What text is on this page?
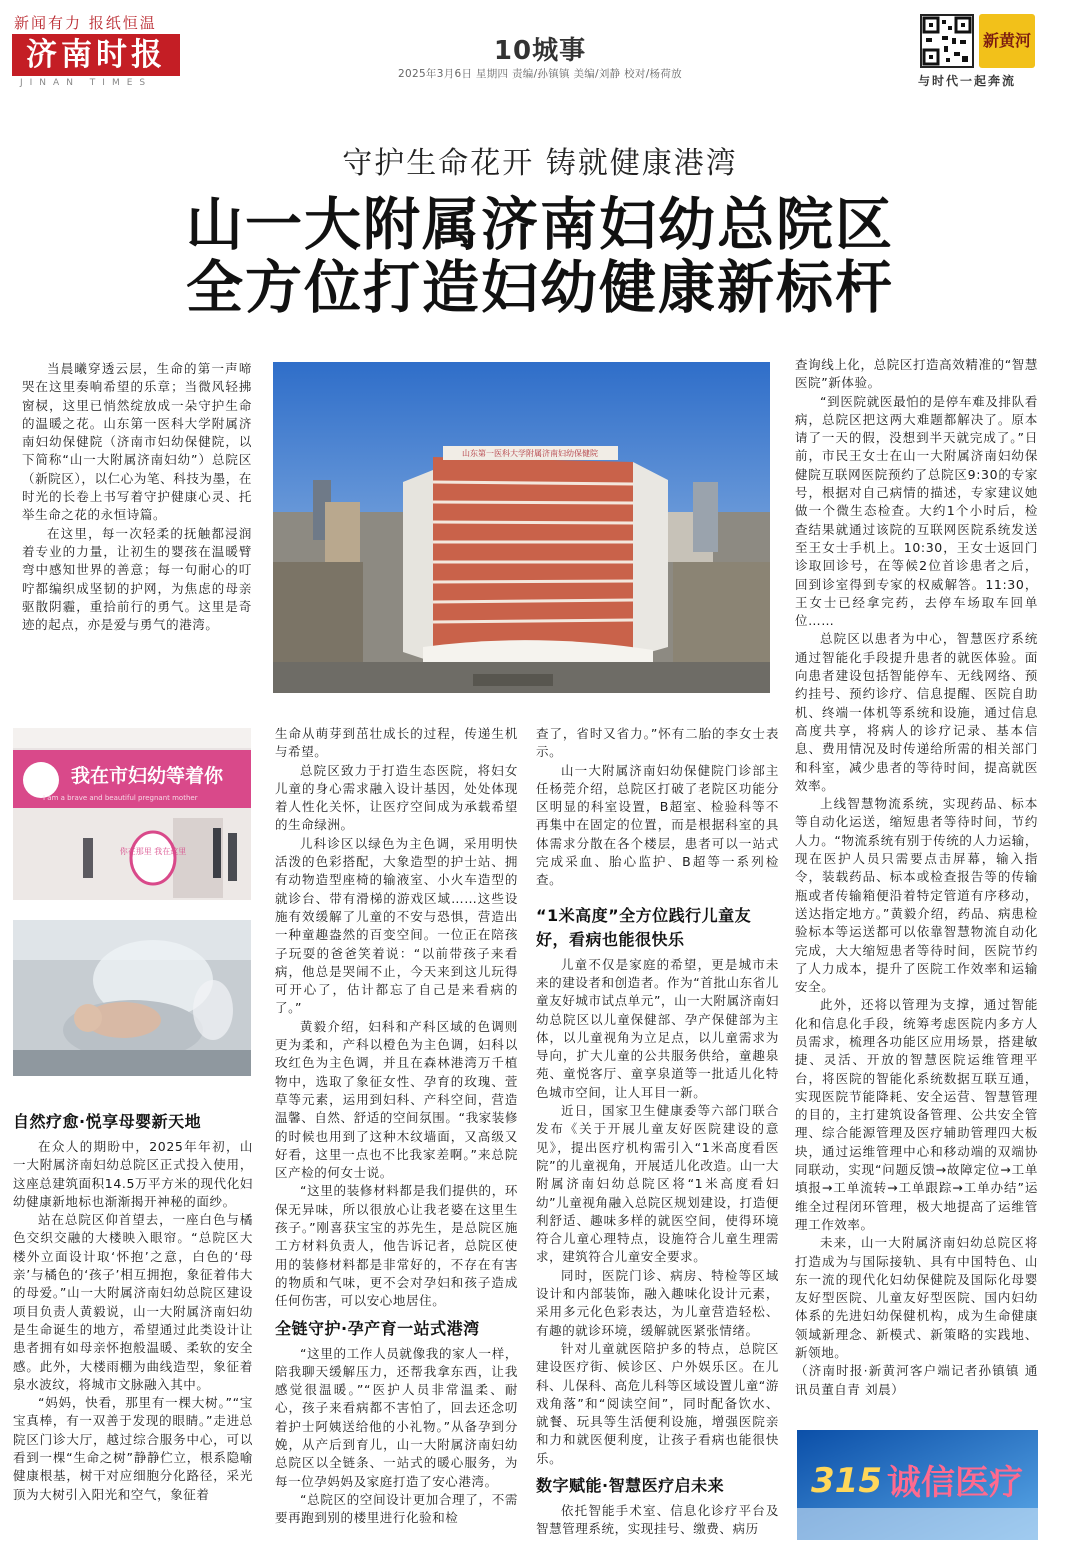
新闻有力 报纸恒温
济南时报
JINAN TIMES
10城事
2025年3月6日 星期四 责编/孙镇镇 美编/刘静 校对/杨荷放
新黄河
与时代一起奔流
守护生命花开 铸就健康港湾
山一大附属济南妇幼总院区
全方位打造妇幼健康新标杆

当晨曦穿透云层，生命的第一声啼哭在这里奏响希望的乐章；当微风轻拂窗棂，这里已悄然绽放成一朵守护生命的温暖之花。山东第一医科大学附属济南妇幼保健院（济南市妇幼保健院，以下简称“山一大附属济南妇幼”）总院区（新院区），以仁心为笔、科技为墨，在时光的长卷上书写着守护健康心灵、托举生命之花的永恒诗篇。

在这里，每一次轻柔的抚触都浸润着专业的力量，让初生的婴孩在温暖臂弯中感知世界的善意；每一句耐心的叮咛都编织成坚韧的护网，为焦虑的母亲驱散阴霾，重拾前行的勇气。这里是奇迹的起点，亦是爱与勇气的港湾。

山东第一医科大学附属济南妇幼保健院
我在市妇幼等着你
I am a brave and beautiful pregnant mother
你在那里 我在这里
自然疗愈·悦享母婴新天地

在众人的期盼中，2025年年初，山一大附属济南妇幼总院区正式投入使用，这座总建筑面积14.5万平方米的现代化妇幼健康新地标也渐渐揭开神秘的面纱。

站在总院区仰首望去，一座白色与橘色交织交融的大楼映入眼帘。“总院区大楼外立面设计取‘怀抱’之意，白色的‘母亲’与橘色的‘孩子’相互拥抱，象征着伟大的母爱。”山一大附属济南妇幼总院区建设项目负责人黄毅说，山一大附属济南妇幼是生命诞生的地方，希望通过此类设计让患者拥有如母亲怀抱般温暖、柔软的安全感。此外，大楼雨棚为曲线造型，象征着泉水波纹，将城市文脉融入其中。

“妈妈，快看，那里有一棵大树。”“宝宝真棒，有一双善于发现的眼睛。”走进总院区门诊大厅，越过综合服务中心，可以看到一棵“生命之树”静静伫立，根系隐喻健康根基，树干对应细胞分化路径，采光顶为大树引入阳光和空气，象征着

生命从萌芽到茁壮成长的过程，传递生机与希望。

总院区致力于打造生态医院，将妇女儿童的身心需求融入设计基因，处处体现着人性化关怀，让医疗空间成为承载希望的生命绿洲。

儿科诊区以绿色为主色调，采用明快活泼的色彩搭配，大象造型的护士站、拥有动物造型座椅的输液室、小火车造型的就诊台、带有滑梯的游戏区域……这些设施有效缓解了儿童的不安与恐惧，营造出一种童趣盎然的百变空间。一位正在陪孩子玩耍的爸爸笑着说：“以前带孩子来看病，他总是哭闹不止，今天来到这儿玩得可开心了，估计都忘了自己是来看病的了。”

黄毅介绍，妇科和产科区域的色调则更为柔和，产科以橙色为主色调，妇科以玫红色为主色调，并且在森林港湾万千植物中，选取了象征女性、孕育的玫瑰、萱草等元素，运用到妇科、产科空间，营造温馨、自然、舒适的空间氛围。“我家装修的时候也用到了这种木纹墙面，又高级又好看，这里一点也不比我家差啊。”来总院区产检的何女士说。

“这里的装修材料都是我们提供的，环保无异味，所以很放心让我老婆在这里生孩子。”刚喜获宝宝的苏先生，是总院区施工方材料负责人，他告诉记者，总院区使用的装修材料都是非常好的，不存在有害的物质和气味，更不会对孕妇和孩子造成任何伤害，可以安心地居住。

全链守护·孕产育一站式港湾

“这里的工作人员就像我的家人一样，陪我聊天缓解压力，还帮我拿东西，让我感觉很温暖。”“医护人员非常温柔、耐心，孩子来看病都不害怕了，回去还念叨着护士阿姨送给他的小礼物。”从备孕到分娩，从产后到育儿，山一大附属济南妇幼总院区以全链条、一站式的暖心服务，为每一位孕妈妈及家庭打造了安心港湾。

“总院区的空间设计更加合理了，不需要再跑到别的楼里进行化验和检

查了，省时又省力。”怀有二胎的李女士表示。

山一大附属济南妇幼保健院门诊部主任杨莞介绍，总院区打破了老院区功能分区明显的科室设置，B超室、检验科等不再集中在固定的位置，而是根据科室的具体需求分散在各个楼层，患者可以一站式完成采血、胎心监护、B超等一系列检查。

“1米高度”全方位践行儿童友好，看病也能很快乐

儿童不仅是家庭的希望，更是城市未来的建设者和创造者。作为“首批山东省儿童友好城市试点单元”，山一大附属济南妇幼总院区以儿童保健部、孕产保健部为主体，以儿童视角为立足点，以儿童需求为导向，扩大儿童的公共服务供给，童趣泉苑、童悦客厅、童享泉道等一批适儿化特色城市空间，让人耳目一新。

近日，国家卫生健康委等六部门联合发布《关于开展儿童友好医院建设的意见》，提出医疗机构需引入“1米高度看医院”的儿童视角，开展适儿化改造。山一大附属济南妇幼总院区将“1米高度看妇幼”儿童视角融入总院区规划建设，打造便利舒适、趣味多样的就医空间，使得环境符合儿童心理特点，设施符合儿童生理需求，建筑符合儿童安全要求。

同时，医院门诊、病房、特检等区域设计和内部装饰，融入趣味化设计元素，采用多元化色彩表达，为儿童营造轻松、有趣的就诊环境，缓解就医紧张情绪。

针对儿童就医陪护多的特点，总院区建设医疗街、候诊区、户外娱乐区。在儿科、儿保科、高危儿科等区域设置儿童“游戏角落”和“阅读空间”，同时配备饮水、就餐、玩具等生活便利设施，增强医院亲和力和就医便利度，让孩子看病也能很快乐。

数字赋能·智慧医疗启未来

依托智能手术室、信息化诊疗平台及智慧管理系统，实现挂号、缴费、病历

查询线上化，总院区打造高效精准的“智慧医院”新体验。

“到医院就医最怕的是停车难及排队看病，总院区把这两大难题都解决了。原本请了一天的假，没想到半天就完成了。”日前，市民王女士在山一大附属济南妇幼保健院互联网医院预约了总院区9:30的专家号，根据对自己病情的描述，专家建议她做一个微生态检查。大约1个小时后，检查结果就通过该院的互联网医院系统发送至王女士手机上。10:30，王女士返回门诊取回诊号，在等候2位首诊患者之后，回到诊室得到专家的权威解答。11:30，王女士已经拿完药，去停车场取车回单位……

总院区以患者为中心，智慧医疗系统通过智能化手段提升患者的就医体验。面向患者建设包括智能停车、无线网络、预约挂号、预约诊疗、信息提醒、医院自助机、终端一体机等系统和设施，通过信息高度共享，将病人的诊疗记录、基本信息、费用情况及时传递给所需的相关部门和科室，减少患者的等待时间，提高就医效率。

上线智慧物流系统，实现药品、标本等自动化运送，缩短患者等待时间，节约人力。“物流系统有别于传统的人力运输，现在医护人员只需要点击屏幕，输入指令，装载药品、标本或检查报告等的传输瓶或者传输箱便沿着特定管道有序移动，送达指定地方。”黄毅介绍，药品、病患检验标本等运送都可以依靠智慧物流自动化完成，大大缩短患者等待时间，医院节约了人力成本，提升了医院工作效率和运输安全。

此外，还将以管理为支撑，通过智能化和信息化手段，统筹考虑医院内多方人员需求，梳理各功能区应用场景，搭建敏捷、灵活、开放的智慧医院运维管理平台，将医院的智能化系统数据互联互通，实现医院节能降耗、安全运营、智慧管理的目的，主打建筑设备管理、公共安全管理、综合能源管理及医疗辅助管理四大板块，通过运维管理中心和移动端的双端协同联动，实现“问题反馈→故障定位→工单填报→工单流转→工单跟踪→工单办结”运维全过程闭环管理，极大地提高了运维管理工作效率。

未来，山一大附属济南妇幼总院区将打造成为与国际接轨、具有中国特色、山东一流的现代化妇幼保健院及国际化母婴友好型医院、儿童友好型医院、国内妇幼体系的先进妇幼保健机构，成为生命健康领域新理念、新模式、新策略的实践地、新领地。

（济南时报·新黄河客户端记者孙镇镇 通讯员董自青 刘晨）

315 诚信医疗
